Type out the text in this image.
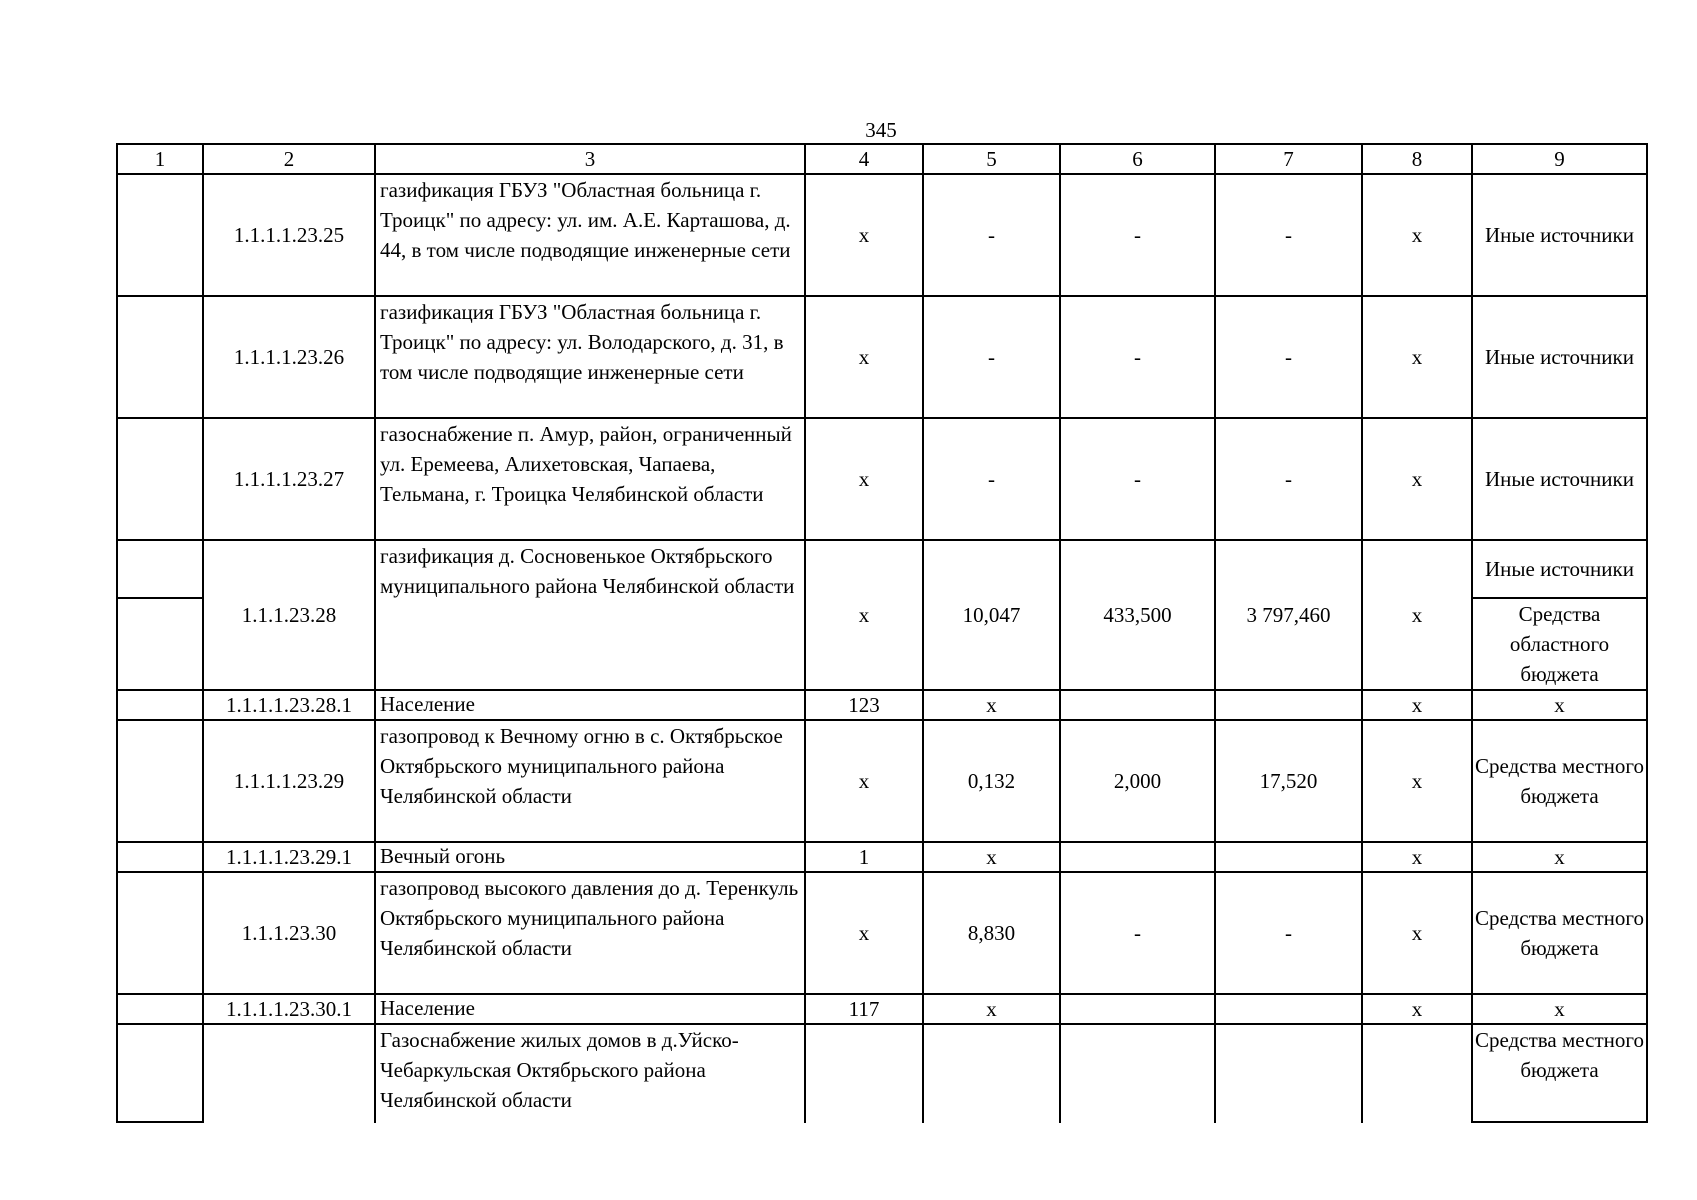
345
1	2	3	4	5	6	7	8	9
	1.1.1.1.23.25	газификация ГБУЗ "Областная больница г. Троицк" по адресу: ул. им. А.Е. Карташова, д. 44, в том числе подводящие инженерные сети	х	-	-	-	х	Иные источники
	1.1.1.1.23.26	газификация ГБУЗ "Областная больница г. Троицк" по адресу: ул. Володарского, д. 31, в том числе подводящие инженерные сети	х	-	-	-	х	Иные источники
	1.1.1.1.23.27	газоснабжение п. Амур, район, ограниченный ул. Еремеева, Алихетовская, Чапаева, Тельмана, г. Троицка Челябинской области	х	-	-	-	х	Иные источники
	1.1.1.23.28	газификация д. Сосновенькое Октябрьского муниципального района Челябинской области	х	10,047	433,500	3 797,460	х	Иные источники
								Средства областного бюджета
	1.1.1.1.23.28.1	Население	123	х			х	х
	1.1.1.1.23.29	газопровод к Вечному огню в с. Октябрьское Октябрьского муниципального района Челябинской области	х	0,132	2,000	17,520	х	Средства местного бюджета
	1.1.1.1.23.29.1	Вечный огонь	1	х			х	х
	1.1.1.23.30	газопровод высокого давления до д. Теренкуль Октябрьского муниципального района Челябинской области	х	8,830	-	-	х	Средства местного бюджета
	1.1.1.1.23.30.1	Население	117	х			х	х
		Газоснабжение жилых домов в д.Уйско-Чебаркульская Октябрьского района Челябинской области						Средства местного бюджета
